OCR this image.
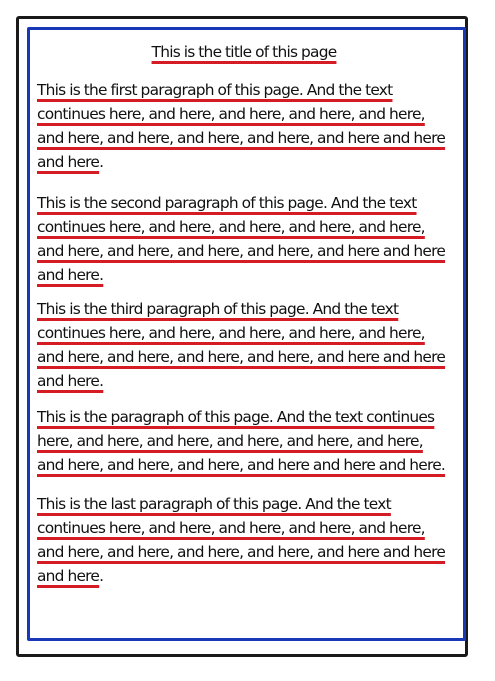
This is the title of this page

This is the first paragraph of this page. And the text continues here, and here, and here, and here, and here, and here, and here, and here, and here, and here and here and here.

This is the second paragraph of this page. And the text continues here, and here, and here, and here, and here, and here, and here, and here, and here, and here and here and here.

This is the third paragraph of this page. And the text continues here, and here, and here, and here, and here, and here, and here, and here, and here, and here and here and here.

This is the paragraph of this page. And the text continues here, and here, and here, and here, and here, and here, and here, and here, and here, and here and here and here.

This is the last paragraph of this page. And the text continues here, and here, and here, and here, and here, and here, and here, and here, and here, and here and here and here.
